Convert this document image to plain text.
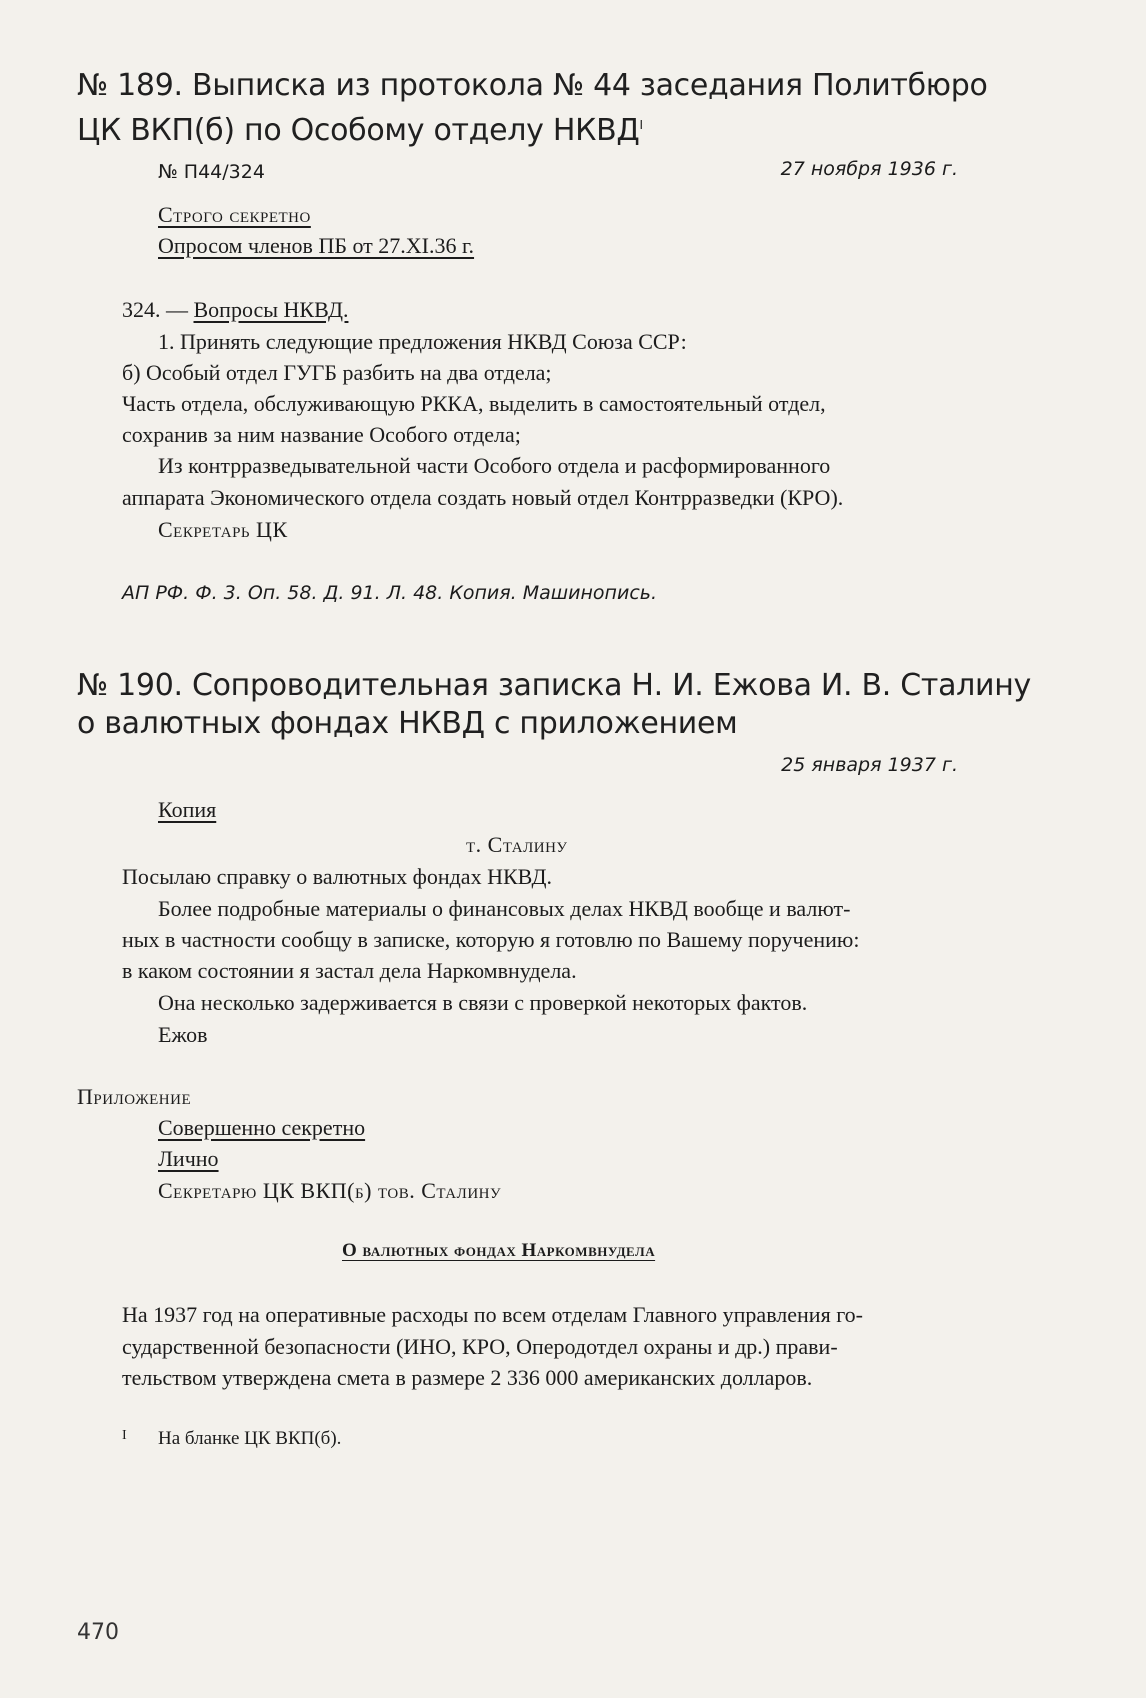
№ 189. Выписка из протокола № 44 заседания Политбюро
ЦК ВКП(б) по Особому отделу $НКВД^I$
№ П44/324	27 ноября 1936 г.
Строго секретно
Опросом членов ПБ от 27.XI.36 г.
324. — Вопросы НКВД.
1. Принять следующие предложения НКВД Союза ССР:
б) Особый отдел ГУГБ разбить на два отдела;
Часть отдела, обслуживающую РККА, выделить в самостоятельный отдел,
сохранив за ним название Особого отдела;
Из контрразведывательной части Особого отдела и расформированного
аппарата Экономического отдела создать новый отдел Контрразведки (КРО).
Секретарь ЦК
АП РФ. Ф. 3. Оп. 58. Д. 91. Л. 48. Копия. Машинопись.
№ 190. Сопроводительная записка Н. И. Ежова И. В. Сталину
о валютных фондах НКВД с приложением
25 января 1937 г.
Копия
т. Сталину
Посылаю справку о валютных фондах НКВД.
Более подробные материалы о финансовых делах НКВД вообще и валют-
ных в частности сообщу в записке, которую я готовлю по Вашему поручению:
в каком состоянии я застал дела Наркомвнудела.
Она несколько задерживается в связи с проверкой некоторых фактов.
Ежов
Приложение
Совершенно секретно
Лично
Секретарю ЦК ВКП(б) тов. Сталину
О валютных фондах Наркомвнудела
На 1937 год на оперативные расходы по всем отделам Главного управления го-
сударственной безопасности (ИНО, КРО, Оперодотдел охраны и др.) прави-
тельством утверждена смета в размере 2 336 000 американских долларов.
I На бланке ЦК ВКП(б).
470
